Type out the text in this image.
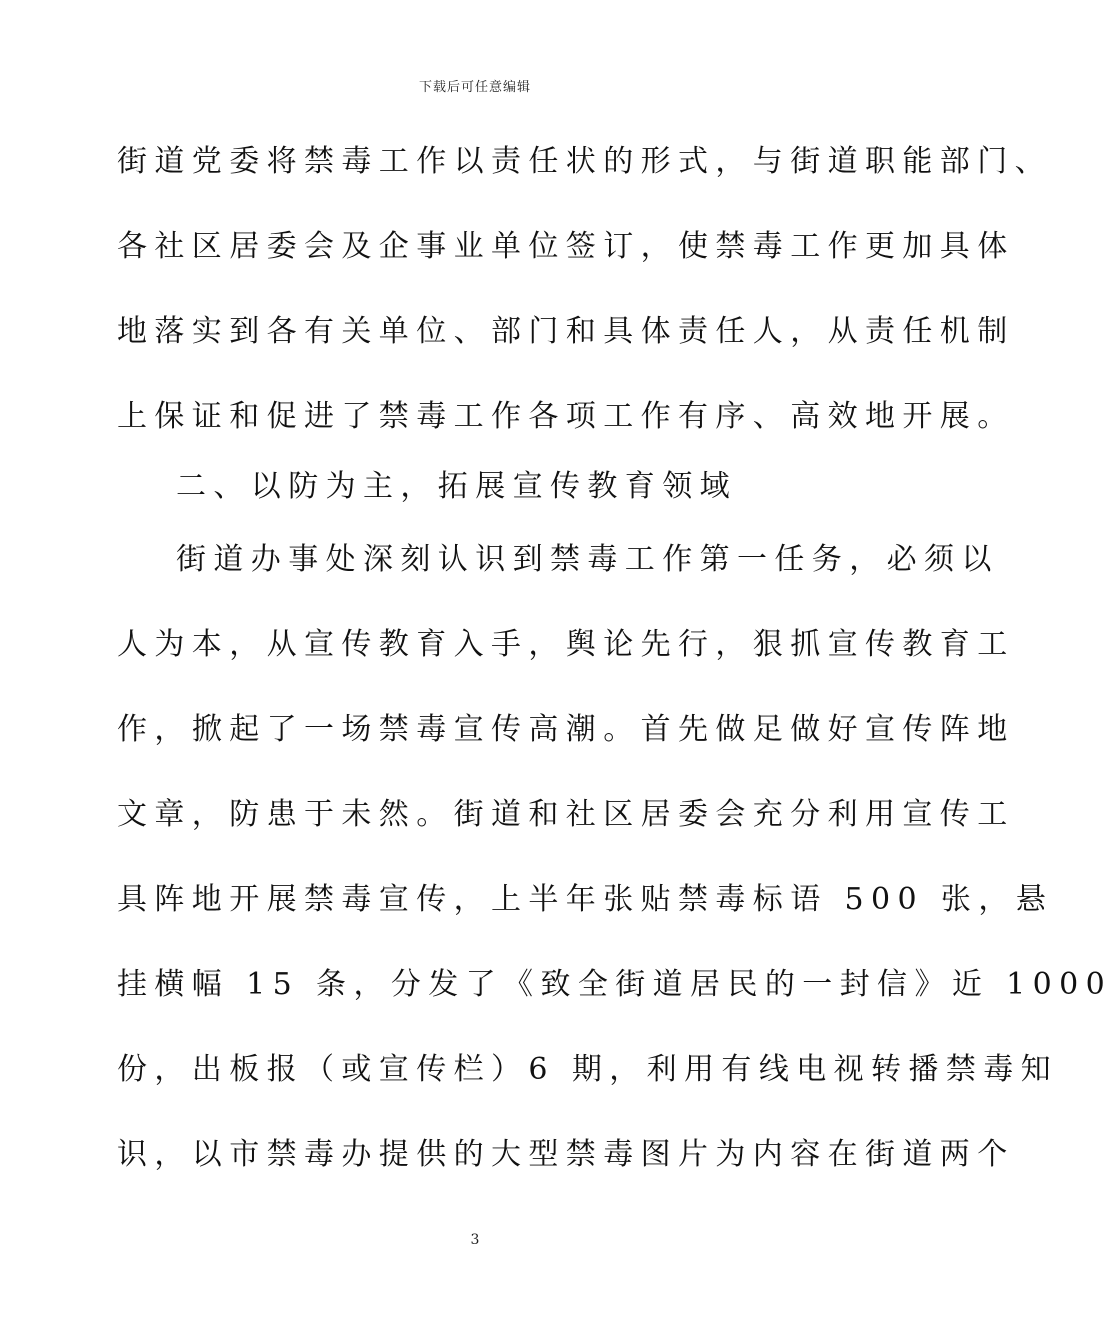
下载后可任意编辑
街道党委将禁毒工作以责任状的形式，与街道职能部门、
各社区居委会及企事业单位签订，使禁毒工作更加具体
地落实到各有关单位、部门和具体责任人，从责任机制
上保证和促进了禁毒工作各项工作有序、高效地开展。
二、以防为主，拓展宣传教育领域
街道办事处深刻认识到禁毒工作第一任务，必须以
人为本，从宣传教育入手，舆论先行，狠抓宣传教育工
作，掀起了一场禁毒宣传高潮。首先做足做好宣传阵地
文章，防患于未然。街道和社区居委会充分利用宣传工
具阵地开展禁毒宣传，上半年张贴禁毒标语 500 张，悬
挂横幅 15 条，分发了《致全街道居民的一封信》近 1000
份，出板报（或宣传栏）6 期，利用有线电视转播禁毒知
识，以市禁毒办提供的大型禁毒图片为内容在街道两个
3
